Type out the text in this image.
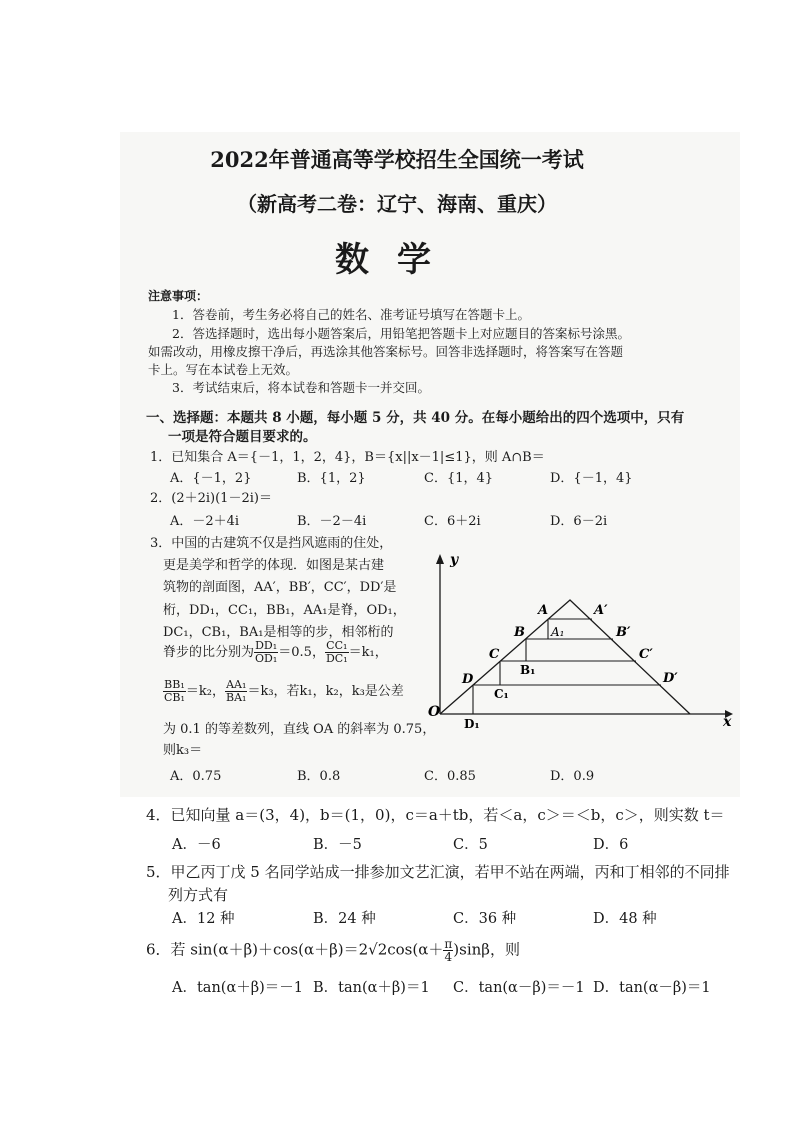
2022年普通高等学校招生全国统一考试
（新高考二卷：辽宁、海南、重庆）
数学
注意事项：
1．答卷前，考生务必将自己的姓名、准考证号填写在答题卡上。
2．答选择题时，选出每小题答案后，用铅笔把答题卡上对应题目的答案标号涂黑。
如需改动，用橡皮擦干净后，再选涂其他答案标号。回答非选择题时，将答案写在答题
卡上。写在本试卷上无效。
3．考试结束后，将本试卷和答题卡一并交回。
一、选择题：本题共 8 小题，每小题 5 分，共 40 分。在每小题给出的四个选项中，只有
一项是符合题目要求的。
1．已知集合 A＝{－1，1，2，4}，B＝{x||x－1|≤1}，则 A∩B＝
A．{－1，2}	B．{1，2}	C．{1，4}	D．{－1，4}
2．(2＋2i)(1－2i)＝
A．－2＋4i	B．－2－4i	C．6＋2i	D．6－2i
3．中国的古建筑不仅是挡风遮雨的住处，
更是美学和哲学的体现．如图是某古建
筑物的剖面图，AA′，BB′，CC′，DD′是
桁，DD₁，CC₁，BB₁，AA₁是脊，OD₁，
DC₁，CB₁，BA₁是相等的步，相邻桁的
脊步的比分别为 $\frac{\text{DD₁}}{\text{OD₁}} =0.5$， $\frac{\text{CC₁}}{\text{DC₁}} =k_1$，
$\frac{\text{BB₁}}{\text{CB₁}} =k_2$， $\frac{\text{AA₁}}{\text{BA₁}} =k_3$，若k₁，k₂，k₃是公差
为 0.1 的等差数列，直线 OA 的斜率为 0.75，
则k₃＝
A．0.75	B．0.8	C．0.85	D．0.9
y
x
O
A	A′
A₁
B	B′
B₁
C	C′
C₁
D	D′
D₁
4．已知向量 a＝(3，4)，b＝(1，0)，c＝a＋tb，若＜a，c＞＝＜b，c＞，则实数 t＝
A．－6	B．－5	C．5	D．6
5．甲乙丙丁戊 5 名同学站成一排参加文艺汇演，若甲不站在两端，丙和丁相邻的不同排
列方式有
A．12 种	B．24 种	C．36 种	D．48 种
6．若 $\sin(\alpha+\beta)+\cos(\alpha+\beta)=2√2\cos(\alpha+ \frac{\pi}{4} )\sin\beta$，则
A．tan(α＋β)＝－1 B．tan(α＋β)＝1 C．tan(α－β)＝－1 D．tan(α－β)＝1
